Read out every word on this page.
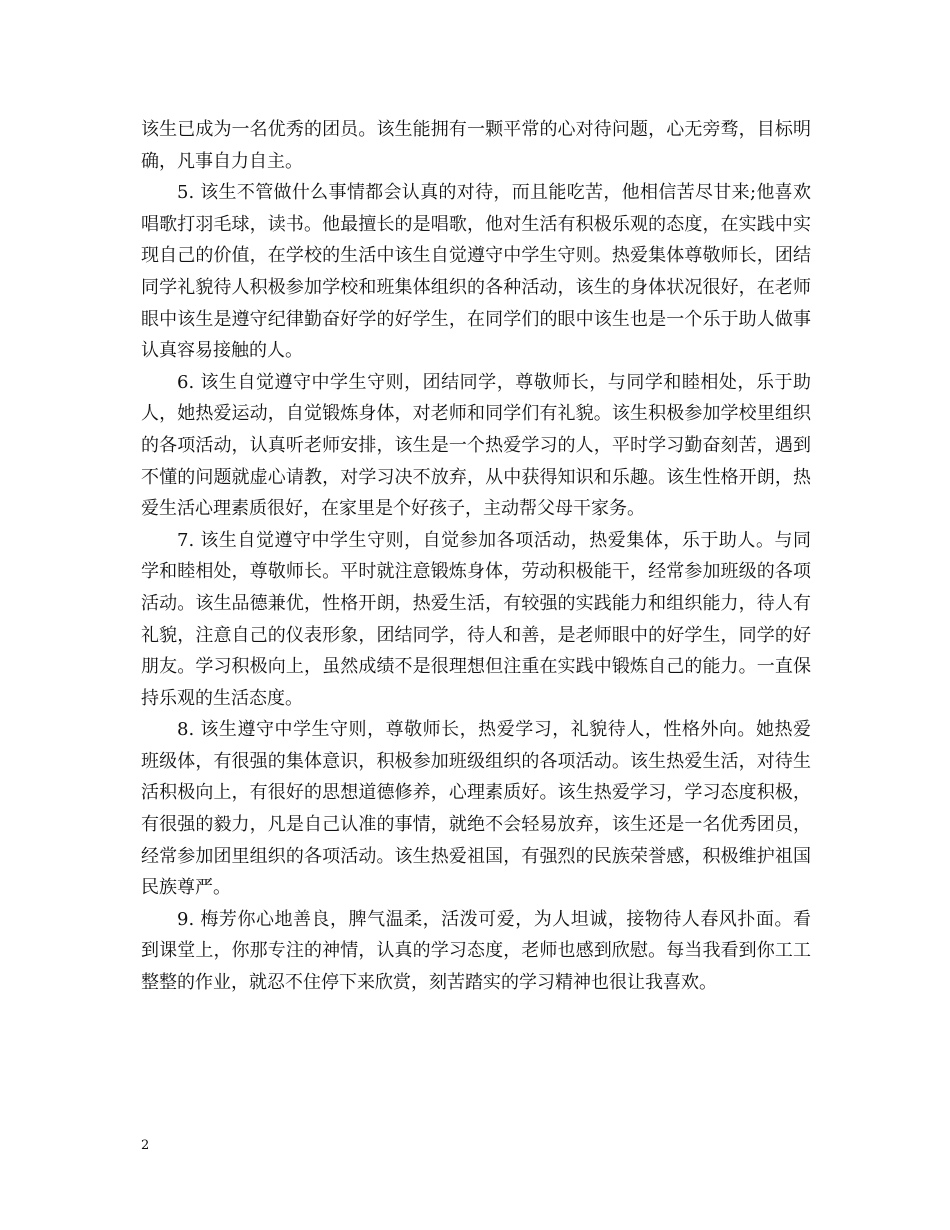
该生已成为一名优秀的团员。该生能拥有一颗平常的心对待问题，心无旁骛，目标明确，凡事自力自主。

5. 该生不管做什么事情都会认真的对待，而且能吃苦，他相信苦尽甘来;他喜欢唱歌打羽毛球，读书。他最擅长的是唱歌，他对生活有积极乐观的态度，在实践中实现自己的价值，在学校的生活中该生自觉遵守中学生守则。热爱集体尊敬师长，团结同学礼貌待人积极参加学校和班集体组织的各种活动，该生的身体状况很好，在老师眼中该生是遵守纪律勤奋好学的好学生，在同学们的眼中该生也是一个乐于助人做事认真容易接触的人。

6. 该生自觉遵守中学生守则，团结同学，尊敬师长，与同学和睦相处，乐于助人，她热爱运动，自觉锻炼身体，对老师和同学们有礼貌。该生积极参加学校里组织的各项活动，认真听老师安排，该生是一个热爱学习的人，平时学习勤奋刻苦，遇到不懂的问题就虚心请教，对学习决不放弃，从中获得知识和乐趣。该生性格开朗，热爱生活心理素质很好，在家里是个好孩子，主动帮父母干家务。

7. 该生自觉遵守中学生守则，自觉参加各项活动，热爱集体，乐于助人。与同学和睦相处，尊敬师长。平时就注意锻炼身体，劳动积极能干，经常参加班级的各项活动。该生品德兼优，性格开朗，热爱生活，有较强的实践能力和组织能力，待人有礼貌，注意自己的仪表形象，团结同学，待人和善，是老师眼中的好学生，同学的好朋友。学习积极向上，虽然成绩不是很理想但注重在实践中锻炼自己的能力。一直保持乐观的生活态度。

8. 该生遵守中学生守则，尊敬师长，热爱学习，礼貌待人，性格外向。她热爱班级体，有很强的集体意识，积极参加班级组织的各项活动。该生热爱生活，对待生活积极向上，有很好的思想道德修养，心理素质好。该生热爱学习，学习态度积极，有很强的毅力，凡是自己认准的事情，就绝不会轻易放弃，该生还是一名优秀团员，经常参加团里组织的各项活动。该生热爱祖国，有强烈的民族荣誉感，积极维护祖国民族尊严。

9. 梅芳你心地善良，脾气温柔，活泼可爱，为人坦诚，接物待人春风扑面。看到课堂上，你那专注的神情，认真的学习态度，老师也感到欣慰。每当我看到你工工整整的作业，就忍不住停下来欣赏，刻苦踏实的学习精神也很让我喜欢。

2
